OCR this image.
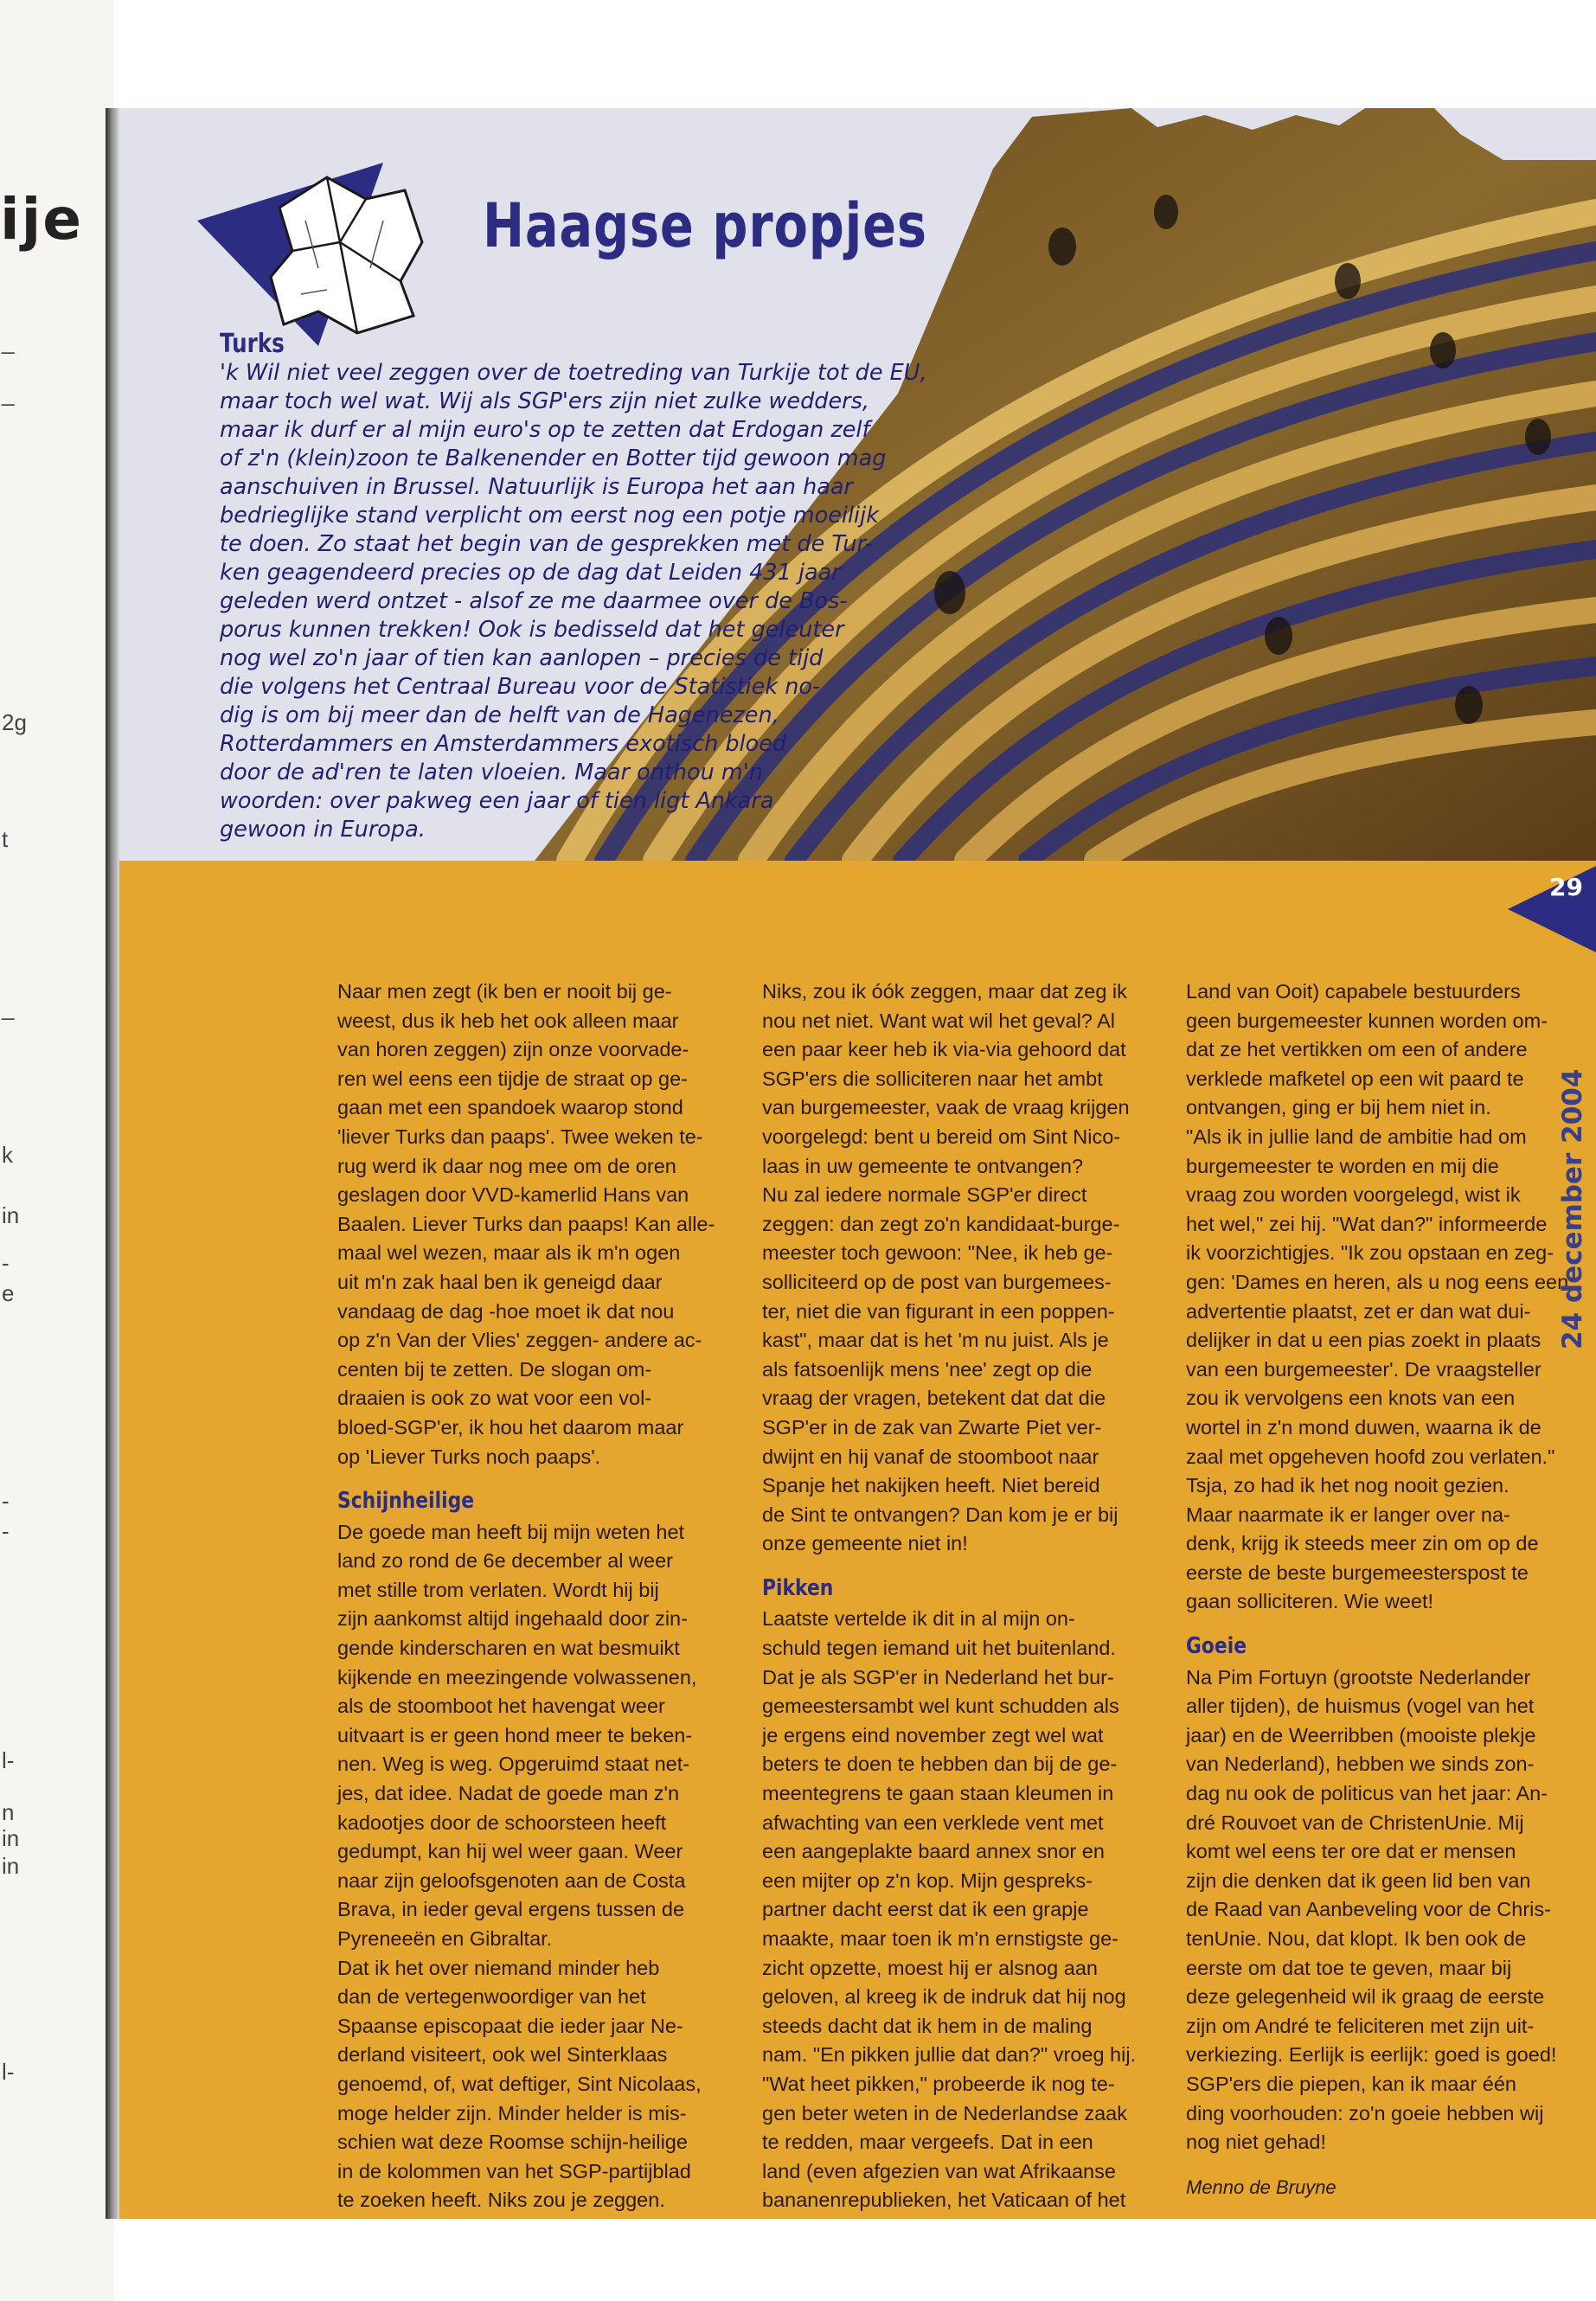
ije
_
_
2g
t
_
k
in
-
e
-
-
l-
n
in
in
l-
Haagse propjes
Turks
'k Wil niet veel zeggen over de toetreding van Turkije tot de EU,
maar toch wel wat. Wij als SGP'ers zijn niet zulke wedders,
maar ik durf er al mijn euro's op te zetten dat Erdogan zelf
of z'n (klein)zoon te Balkenender en Botter tijd gewoon mag
aanschuiven in Brussel. Natuurlijk is Europa het aan haar
bedrieglijke stand verplicht om eerst nog een potje moeilijk
te doen. Zo staat het begin van de gesprekken met de Tur-
ken geagendeerd precies op de dag dat Leiden 431 jaar
geleden werd ontzet - alsof ze me daarmee over de Bos-
porus kunnen trekken! Ook is bedisseld dat het geleuter
nog wel zo'n jaar of tien kan aanlopen – precies de tijd
die volgens het Centraal Bureau voor de Statistiek no-
dig is om bij meer dan de helft van de Hagenezen,
Rotterdammers en Amsterdammers exotisch bloed
door de ad'ren te laten vloeien. Maar onthou m'n
woorden: over pakweg een jaar of tien ligt Ankara
gewoon in Europa.
Naar men zegt (ik ben er nooit bij ge-
weest, dus ik heb het ook alleen maar
van horen zeggen) zijn onze voorvade-
ren wel eens een tijdje de straat op ge-
gaan met een spandoek waarop stond
'liever Turks dan paaps'. Twee weken te-
rug werd ik daar nog mee om de oren
geslagen door VVD-kamerlid Hans van
Baalen. Liever Turks dan paaps! Kan alle-
maal wel wezen, maar als ik m'n ogen
uit m'n zak haal ben ik geneigd daar
vandaag de dag -hoe moet ik dat nou
op z'n Van der Vlies' zeggen- andere ac-
centen bij te zetten. De slogan om-
draaien is ook zo wat voor een vol-
bloed-SGP'er, ik hou het daarom maar
op 'Liever Turks noch paaps'.
Schijnheilige
De goede man heeft bij mijn weten het
land zo rond de 6e december al weer
met stille trom verlaten. Wordt hij bij
zijn aankomst altijd ingehaald door zin-
gende kinderscharen en wat besmuikt
kijkende en meezingende volwassenen,
als de stoomboot het havengat weer
uitvaart is er geen hond meer te beken-
nen. Weg is weg. Opgeruimd staat net-
jes, dat idee. Nadat de goede man z'n
kadootjes door de schoorsteen heeft
gedumpt, kan hij wel weer gaan. Weer
naar zijn geloofsgenoten aan de Costa
Brava, in ieder geval ergens tussen de
Pyreneeën en Gibraltar.
Dat ik het over niemand minder heb
dan de vertegenwoordiger van het
Spaanse episcopaat die ieder jaar Ne-
derland visiteert, ook wel Sinterklaas
genoemd, of, wat deftiger, Sint Nicolaas,
moge helder zijn. Minder helder is mis-
schien wat deze Roomse schijn-heilige
in de kolommen van het SGP-partijblad
te zoeken heeft. Niks zou je zeggen.
Niks, zou ik óók zeggen, maar dat zeg ik
nou net niet. Want wat wil het geval? Al
een paar keer heb ik via-via gehoord dat
SGP'ers die solliciteren naar het ambt
van burgemeester, vaak de vraag krijgen
voorgelegd: bent u bereid om Sint Nico-
laas in uw gemeente te ontvangen?
Nu zal iedere normale SGP'er direct
zeggen: dan zegt zo'n kandidaat-burge-
meester toch gewoon: "Nee, ik heb ge-
solliciteerd op de post van burgemees-
ter, niet die van figurant in een poppen-
kast", maar dat is het 'm nu juist. Als je
als fatsoenlijk mens 'nee' zegt op die
vraag der vragen, betekent dat dat die
SGP'er in de zak van Zwarte Piet ver-
dwijnt en hij vanaf de stoomboot naar
Spanje het nakijken heeft. Niet bereid
de Sint te ontvangen? Dan kom je er bij
onze gemeente niet in!
Pikken
Laatste vertelde ik dit in al mijn on-
schuld tegen iemand uit het buitenland.
Dat je als SGP'er in Nederland het bur-
gemeestersambt wel kunt schudden als
je ergens eind november zegt wel wat
beters te doen te hebben dan bij de ge-
meentegrens te gaan staan kleumen in
afwachting van een verklede vent met
een aangeplakte baard annex snor en
een mijter op z'n kop. Mijn gespreks-
partner dacht eerst dat ik een grapje
maakte, maar toen ik m'n ernstigste ge-
zicht opzette, moest hij er alsnog aan
geloven, al kreeg ik de indruk dat hij nog
steeds dacht dat ik hem in de maling
nam. "En pikken jullie dat dan?" vroeg hij.
"Wat heet pikken," probeerde ik nog te-
gen beter weten in de Nederlandse zaak
te redden, maar vergeefs. Dat in een
land (even afgezien van wat Afrikaanse
bananenrepublieken, het Vaticaan of het
Land van Ooit) capabele bestuurders
geen burgemeester kunnen worden om-
dat ze het vertikken om een of andere
verklede mafketel op een wit paard te
ontvangen, ging er bij hem niet in.
"Als ik in jullie land de ambitie had om
burgemeester te worden en mij die
vraag zou worden voorgelegd, wist ik
het wel," zei hij. "Wat dan?" informeerde
ik voorzichtigjes. "Ik zou opstaan en zeg-
gen: 'Dames en heren, als u nog eens een
advertentie plaatst, zet er dan wat dui-
delijker in dat u een pias zoekt in plaats
van een burgemeester'. De vraagsteller
zou ik vervolgens een knots van een
wortel in z'n mond duwen, waarna ik de
zaal met opgeheven hoofd zou verlaten."
Tsja, zo had ik het nog nooit gezien.
Maar naarmate ik er langer over na-
denk, krijg ik steeds meer zin om op de
eerste de beste burgemeesterspost te
gaan solliciteren. Wie weet!
Goeie
Na Pim Fortuyn (grootste Nederlander
aller tijden), de huismus (vogel van het
jaar) en de Weerribben (mooiste plekje
van Nederland), hebben we sinds zon-
dag nu ook de politicus van het jaar: An-
dré Rouvoet van de ChristenUnie. Mij
komt wel eens ter ore dat er mensen
zijn die denken dat ik geen lid ben van
de Raad van Aanbeveling voor de Chris-
tenUnie. Nou, dat klopt. Ik ben ook de
eerste om dat toe te geven, maar bij
deze gelegenheid wil ik graag de eerste
zijn om André te feliciteren met zijn uit-
verkiezing. Eerlijk is eerlijk: goed is goed!
SGP'ers die piepen, kan ik maar één
ding voorhouden: zo'n goeie hebben wij
nog niet gehad!
Menno de Bruyne
29
24 december 2004
